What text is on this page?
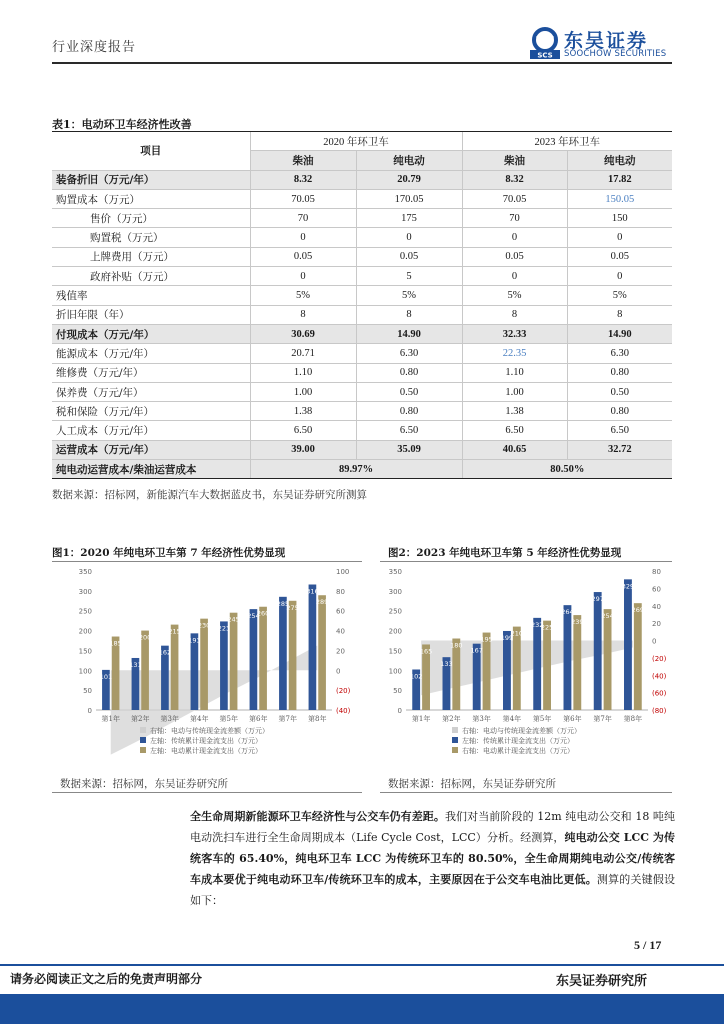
行业深度报告
SCS
东吴证券
SOOCHOW SECURITIES
表1：电动环卫车经济性改善
项目	2020 年环卫车		2023 年环卫车	
	柴油	纯电动	柴油	纯电动
装备折旧（万元/年）	8.32	20.79	8.32	17.82
购置成本（万元）	70.05	170.05	70.05	150.05
售价（万元）	70	175	70	150
购置税（万元）	0	0	0	0
上牌费用（万元）	0.05	0.05	0.05	0.05
政府补贴（万元）	0	5	0	0
残值率	5%	5%	5%	5%
折旧年限（年）	8	8	8	8
付现成本（万元/年）	30.69	14.90	32.33	14.90
能源成本（万元/年）	20.71	6.30	22.35	6.30
维修费（万元/年）	1.10	0.80	1.10	0.80
保养费（万元/年）	1.00	0.50	1.00	0.50
税和保险（万元/年）	1.38	0.80	1.38	0.80
人工成本（万元/年）	6.50	6.50	6.50	6.50
运营成本（万元/年）	39.00	35.09	40.65	32.72
纯电动运营成本/柴油运营成本	89.97%		80.50%	
数据来源：招标网，新能源汽车大数据蓝皮书，东吴证券研究所测算
图1：2020 年纯电环卫车第 7 年经济性优势显现
0
50
100
150
200
250
300
350
(40)
(20)
0
20
40
60
80
100
101
131
162
193
223
254
285
316
185
200
215
230
245
260
275
289
第1年 第2年 第3年 第4年 第5年 第6年 第7年 第8年
右轴：电动与传统现金流差额（万元）
左轴：传统累计现金流支出（万元）
左轴：电动累计现金流支出（万元）
数据来源：招标网，东吴证券研究所
图2：2023 年纯电环卫车第 5 年经济性优势显现
0
50
100
150
200
250
300
350
(80)
(60)
(40)
(20)
0
20
40
60
80
102
133
167
199
232
264
297
329
165
180
195
210
225
239
254
269
第1年 第2年 第3年 第4年 第5年 第6年 第7年 第8年
右轴：电动与传统现金流差额（万元）
左轴：传统累计现金流支出（万元）
右轴：电动累计现金流支出（万元）
数据来源：招标网，东吴证券研究所
全生命周期新能源环卫车经济性与公交车仍有差距。我们对当前阶段的 12m 纯电动公交和 18 吨纯电动洗扫车进行全生命周期成本（Life Cycle Cost，LCC）分析。经测算，纯电动公交 LCC 为传统客车的 65.40%，纯电环卫车 LCC 为传统环卫车的 80.50%，全生命周期纯电动公交/传统客车成本要优于纯电动环卫车/传统环卫车的成本，主要原因在于公交车电油比更低。测算的关键假设如下：
5 / 17
请务必阅读正文之后的免责声明部分	东吴证券研究所
